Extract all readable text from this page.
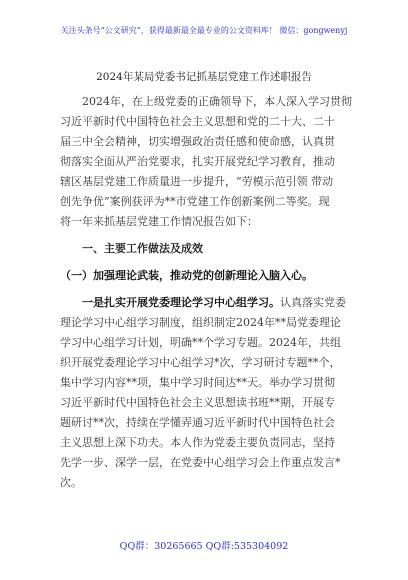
关注头条号“公文研究”，获得最新最全最专业的公文资料库！ 微信：gongwenyj
2024年某局党委书记抓基层党建工作述职报告

2024年，在上级党委的正确领导下，本人深入学习贯彻
习近平新时代中国特色社会主义思想和党的二十大、二十
届三中全会精神，切实增强政治责任感和使命感，认真贯
彻落实全面从严治党要求，扎实开展党纪学习教育，推动
辖区基层党建工作质量进一步提升，“劳模示范引领 带动
创先争优”案例获评为**市党建工作创新案例二等奖。现
将一年来抓基层党建工作情况报告如下：

一、主要工作做法及成效
（一）加强理论武装，推动党的创新理论入脑入心。

一是扎实开展党委理论学习中心组学习。认真落实党委
理论学习中心组学习制度，组织制定2024年**局党委理论
学习中心组学习计划，明确**个学习专题。2024年，共组
织开展党委理论学习中心组学习*次，学习研讨专题**个，
集中学习内容**项，集中学习时间达**天。举办学习贯彻
习近平新时代中国特色社会主义思想读书班**期，开展专
题研讨**次，持续在学懂弄通习近平新时代中国特色社会
主义思想上深下功夫。本人作为党委主要负责同志，坚持
先学一步、深学一层，在党委中心组学习会上作重点发言*
次。

QQ群：30265665 QQ群:535304092
